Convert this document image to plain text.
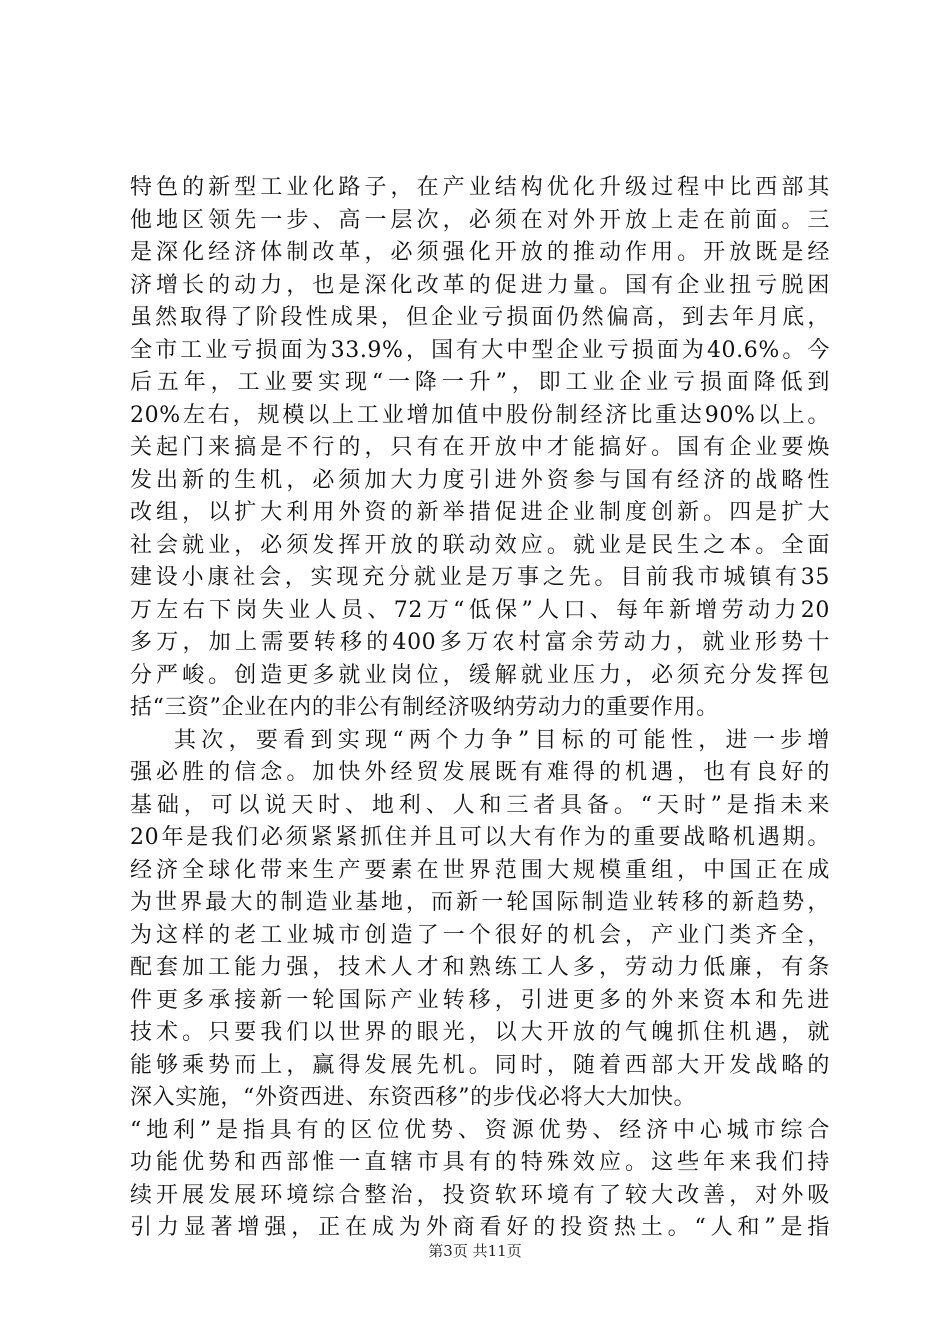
特色的新型工业化路子，在产业结构优化升级过程中比西部其
他地区领先一步、高一层次，必须在对外开放上走在前面。三
是深化经济体制改革，必须强化开放的推动作用。开放既是经
济增长的动力，也是深化改革的促进力量。国有企业扭亏脱困
虽然取得了阶段性成果，但企业亏损面仍然偏高，到去年月底，
全市工业亏损面为33.9%，国有大中型企业亏损面为40.6%。今
后五年，工业要实现“一降一升”，即工业企业亏损面降低到
20%左右，规模以上工业增加值中股份制经济比重达90%以上。
关起门来搞是不行的，只有在开放中才能搞好。国有企业要焕
发出新的生机，必须加大力度引进外资参与国有经济的战略性
改组，以扩大利用外资的新举措促进企业制度创新。四是扩大
社会就业，必须发挥开放的联动效应。就业是民生之本。全面
建设小康社会，实现充分就业是万事之先。目前我市城镇有35
万左右下岗失业人员、72万“低保”人口、每年新增劳动力20
多万，加上需要转移的400多万农村富余劳动力，就业形势十
分严峻。创造更多就业岗位，缓解就业压力，必须充分发挥包
括“三资”企业在内的非公有制经济吸纳劳动力的重要作用。
其次，要看到实现“两个力争”目标的可能性，进一步增
强必胜的信念。加快外经贸发展既有难得的机遇，也有良好的
基础，可以说天时、地利、人和三者具备。“天时”是指未来
20年是我们必须紧紧抓住并且可以大有作为的重要战略机遇期。
经济全球化带来生产要素在世界范围大规模重组，中国正在成
为世界最大的制造业基地，而新一轮国际制造业转移的新趋势，
为这样的老工业城市创造了一个很好的机会，产业门类齐全，
配套加工能力强，技术人才和熟练工人多，劳动力低廉，有条
件更多承接新一轮国际产业转移，引进更多的外来资本和先进
技术。只要我们以世界的眼光，以大开放的气魄抓住机遇，就
能够乘势而上，赢得发展先机。同时，随着西部大开发战略的
深入实施，“外资西进、东资西移”的步伐必将大大加快。
“地利”是指具有的区位优势、资源优势、经济中心城市综合
功能优势和西部惟一直辖市具有的特殊效应。这些年来我们持
续开展发展环境综合整治，投资软环境有了较大改善，对外吸
引力显著增强，正在成为外商看好的投资热土。“人和”是指
第3页 共11页
